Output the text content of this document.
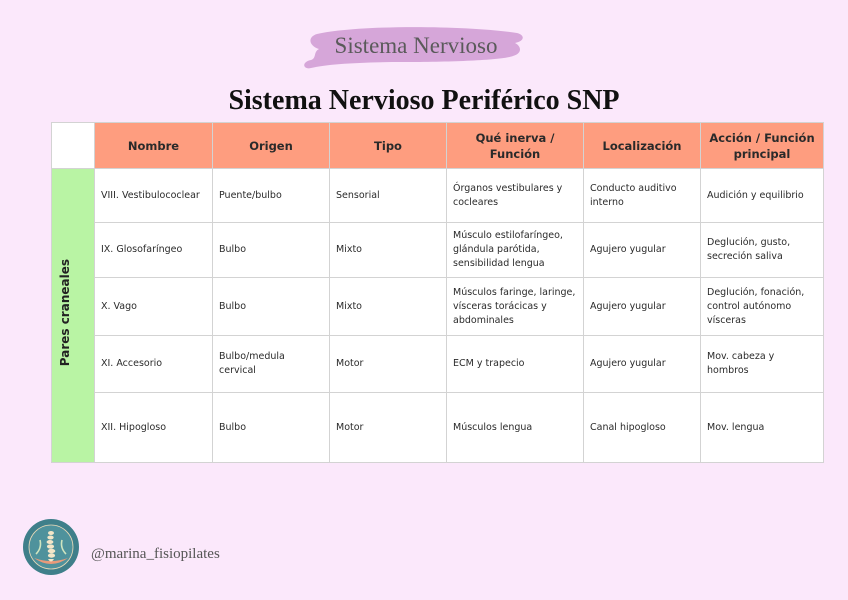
Sistema Nervioso
Sistema Nervioso Periférico SNP
	Nombre	Origen	Tipo	Qué inerva / Función	Localización	Acción / Función principal
Pares craneales	VIII. Vestibulococlear	Puente/bulbo	Sensorial	Órganos vestibulares y cocleares	Conducto auditivo interno	Audición y equilibrio
	IX. Glosofaríngeo	Bulbo	Mixto	Músculo estilofaríngeo, glándula parótida, sensibilidad lengua	Agujero yugular	Deglución, gusto, secreción saliva
	X. Vago	Bulbo	Mixto	Músculos faringe, laringe, vísceras torácicas y abdominales	Agujero yugular	Deglución, fonación, control autónomo vísceras
	XI. Accesorio	Bulbo/medula cervical	Motor	ECM y trapecio	Agujero yugular	Mov. cabeza y hombros
	XII. Hipogloso	Bulbo	Motor	Músculos lengua	Canal hipogloso	Mov. lengua
@marina_fisiopilates
